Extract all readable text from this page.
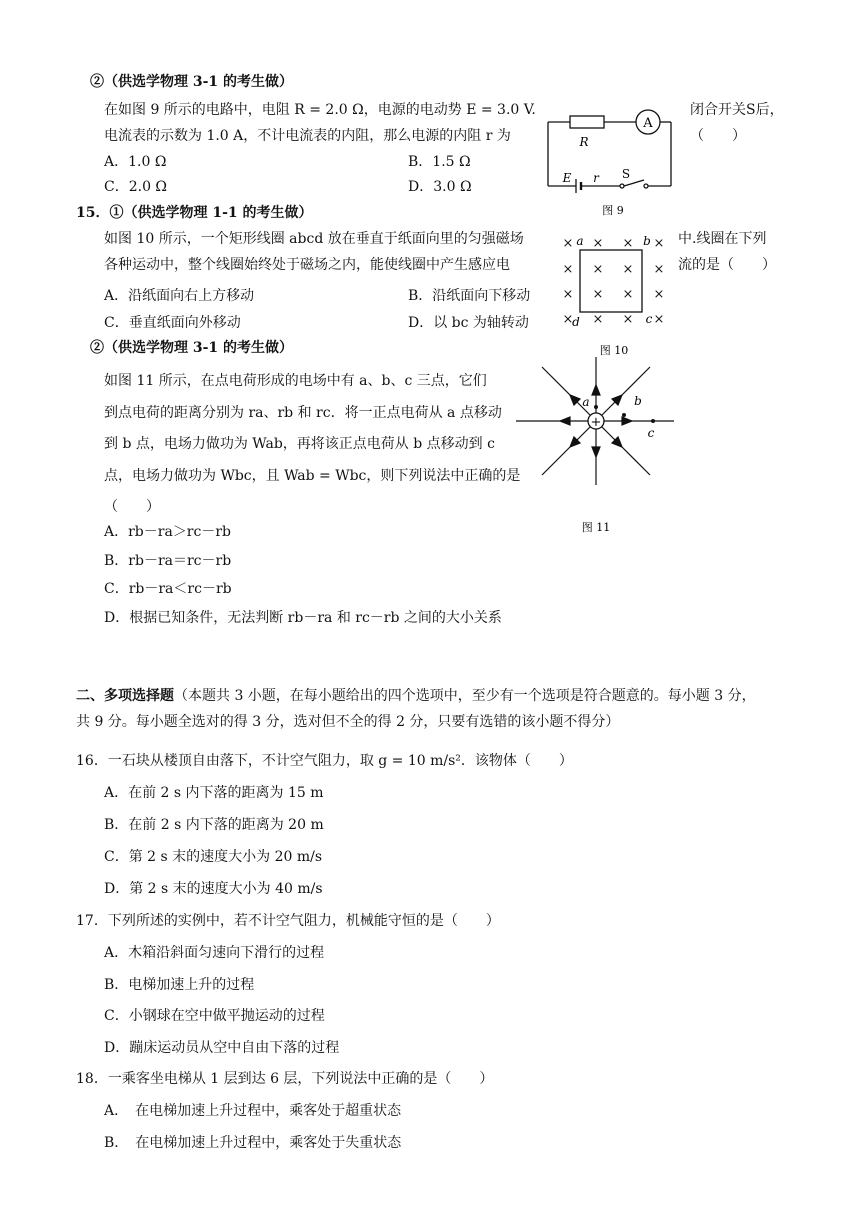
②（供选学物理 3-1 的考生做）
在如图 9 所示的电路中，电阻 R = 2.0 Ω，电源的电动势 E = 3.0 V.	闭合开关S后，
电流表的示数为 1.0 A，不计电流表的内阻，那么电源的内阻 r 为	（　　）
A．1.0 Ω	B．1.5 Ω
C．2.0 Ω	D．3.0 Ω
A
R
E r S
图 9
15．①（供选学物理 1-1 的考生做）
如图 10 所示，一个矩形线圈 abcd 放在垂直于纸面向里的匀强磁场	中.线圈在下列
各种运动中，整个线圈始终处于磁场之内，能使线圈中产生感应电	流的是（　　）
A．沿纸面向右上方移动	B．沿纸面向下移动
C．垂直纸面向外移动	D．以 bc 为轴转动
× × × ×
× × × ×
× × × ×
× × × ×
a	b
c
d
图 10
②（供选学物理 3-1 的考生做）
如图 11 所示，在点电荷形成的电场中有 a、b、c 三点，它们
到点电荷的距离分别为 ra、rb 和 rc．将一正点电荷从 a 点移动
到 b 点，电场力做功为 Wab，再将该正点电荷从 b 点移动到 c
点，电场力做功为 Wbc，且 Wab = Wbc，则下列说法中正确的是
（　　）
A．rb－ra＞rc－rb
B．rb－ra＝rc－rb
C．rb－ra＜rc－rb
D．根据已知条件，无法判断 rb－ra 和 rc－rb 之间的大小关系
+
a	b
c
图 11
二、多项选择题（本题共 3 小题，在每小题给出的四个选项中，至少有一个选项是符合题意的。每小题 3 分，
共 9 分。每小题全选对的得 3 分，选对但不全的得 2 分，只要有选错的该小题不得分）
16．一石块从楼顶自由落下，不计空气阻力，取 g = 10 m/s²．该物体（　　）
A．在前 2 s 内下落的距离为 15 m
B．在前 2 s 内下落的距离为 20 m
C．第 2 s 末的速度大小为 20 m/s
D．第 2 s 末的速度大小为 40 m/s
17．下列所述的实例中，若不计空气阻力，机械能守恒的是（　　）
A．木箱沿斜面匀速向下滑行的过程
B．电梯加速上升的过程
C．小钢球在空中做平抛运动的过程
D．蹦床运动员从空中自由下落的过程
18．一乘客坐电梯从 1 层到达 6 层，下列说法中正确的是（　　）
A．　在电梯加速上升过程中，乘客处于超重状态
B．　在电梯加速上升过程中，乘客处于失重状态
